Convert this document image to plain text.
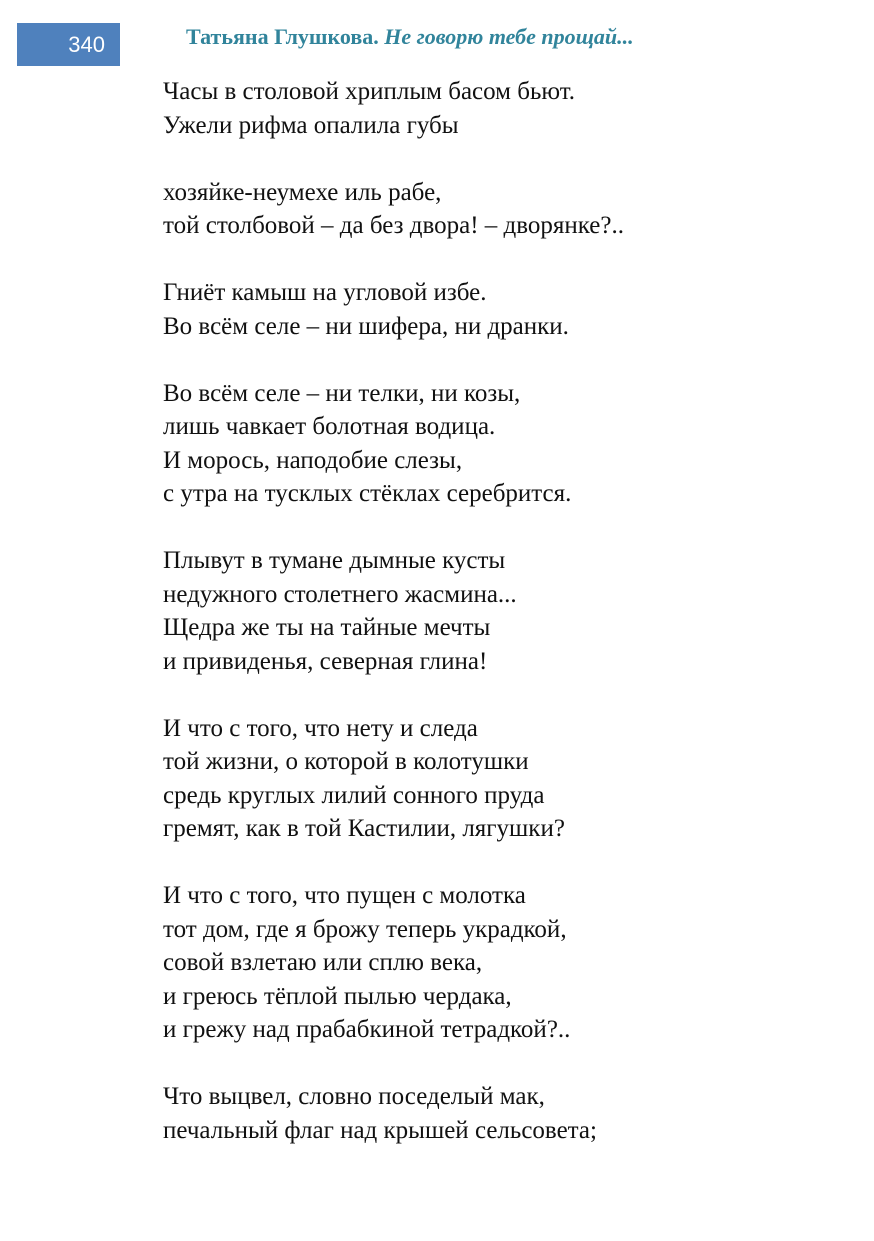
340	Татьяна Глушкова. Не говорю тебе прощай...
Часы в столовой хриплым басом бьют.
Ужели рифма опалила губы
хозяйке-неумехе иль рабе,
той столбовой – да без двора! – дворянке?..
Гниёт камыш на угловой избе.
Во всём селе – ни шифера, ни дранки.
Во всём селе – ни телки, ни козы,
лишь чавкает болотная водица.
И морось, наподобие слезы,
с утра на тусклых стёклах серебрится.
Плывут в тумане дымные кусты
недужного столетнего жасмина...
Щедра же ты на тайные мечты
и привиденья, северная глина!
И что с того, что нету и следа
той жизни, о которой в колотушки
средь круглых лилий сонного пруда
гремят, как в той Кастилии, лягушки?
И что с того, что пущен с молотка
тот дом, где я брожу теперь украдкой,
совой взлетаю или сплю века,
и греюсь тёплой пылью чердака,
и грежу над прабабкиной тетрадкой?..
Что выцвел, словно поседелый мак,
печальный флаг над крышей сельсовета;
